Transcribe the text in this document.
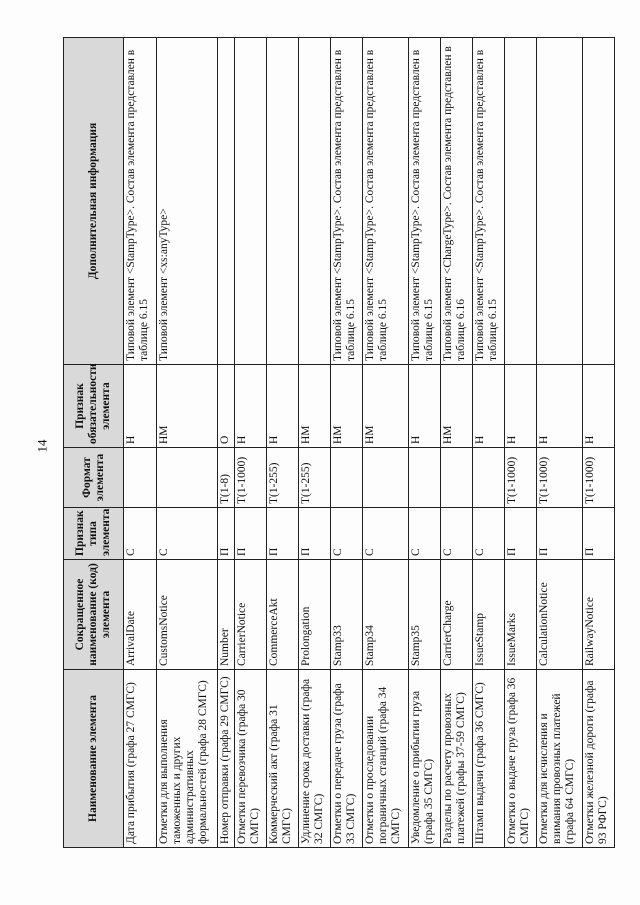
14
Наименование элемента	Сокращенное наименование (код) элемента	Признак типа элемента	Формат элемента	Признак обязательности элемента	Дополнительная информация
Дата прибытия (графа 27 СМГС)	ArrivalDate	С		Н	Типовой элемент <StampType>. Состав элемента представлен в таблице 6.15
Отметки для выполнения таможенных и других административных формальностей (графа 28 СМГС)	CustomsNotice	С		НМ	Типовой элемент <xs:anyType>
Номер отправки (графа 29 СМГС)	Number	П	T(1-8)	О	
Отметки перевозчика (графа 30 СМГС)	CarrierNotice	П	T(1-1000)	Н	
Коммерческий акт (графа 31 СМГС)	CommerceAkt	П	T(1-255)	Н	
Удлинение срока доставки (графа 32 СМГС)	Prolongation	П	T(1-255)	НМ	
Отметки о передаче груза (графа 33 СМГС)	Stamp33	С		НМ	Типовой элемент <StampType>. Состав элемента представлен в таблице 6.15
Отметки о проследовании пограничных станций (графа 34 СМГС)	Stamp34	С		НМ	Типовой элемент <StampType>. Состав элемента представлен в таблице 6.15
Уведомление о прибытии груза (графа 35 СМГС)	Stamp35	С		Н	Типовой элемент <StampType>. Состав элемента представлен в таблице 6.15
Разделы по расчету провозных платежей (графы 37-59 СМГС)	CarrierCharge	С		НМ	Типовой элемент <ChargeType>. Состав элемента представлен в таблице 6.16
Штамп выдачи (графа 36 СМГС)	IssueStamp	С		Н	Типовой элемент <StampType>. Состав элемента представлен в таблице 6.15
Отметки о выдаче груза (графа 36 СМГС)	IssueMarks	П	T(1-1000)	Н	
Отметки для исчисления и взимания провозных платежей (графа 64 СМГС)	CalculationNotice	П	T(1-1000)	Н	
Отметки железной дороги (графа 93 РФГС)	RailwayNotice	П	T(1-1000)	Н	
